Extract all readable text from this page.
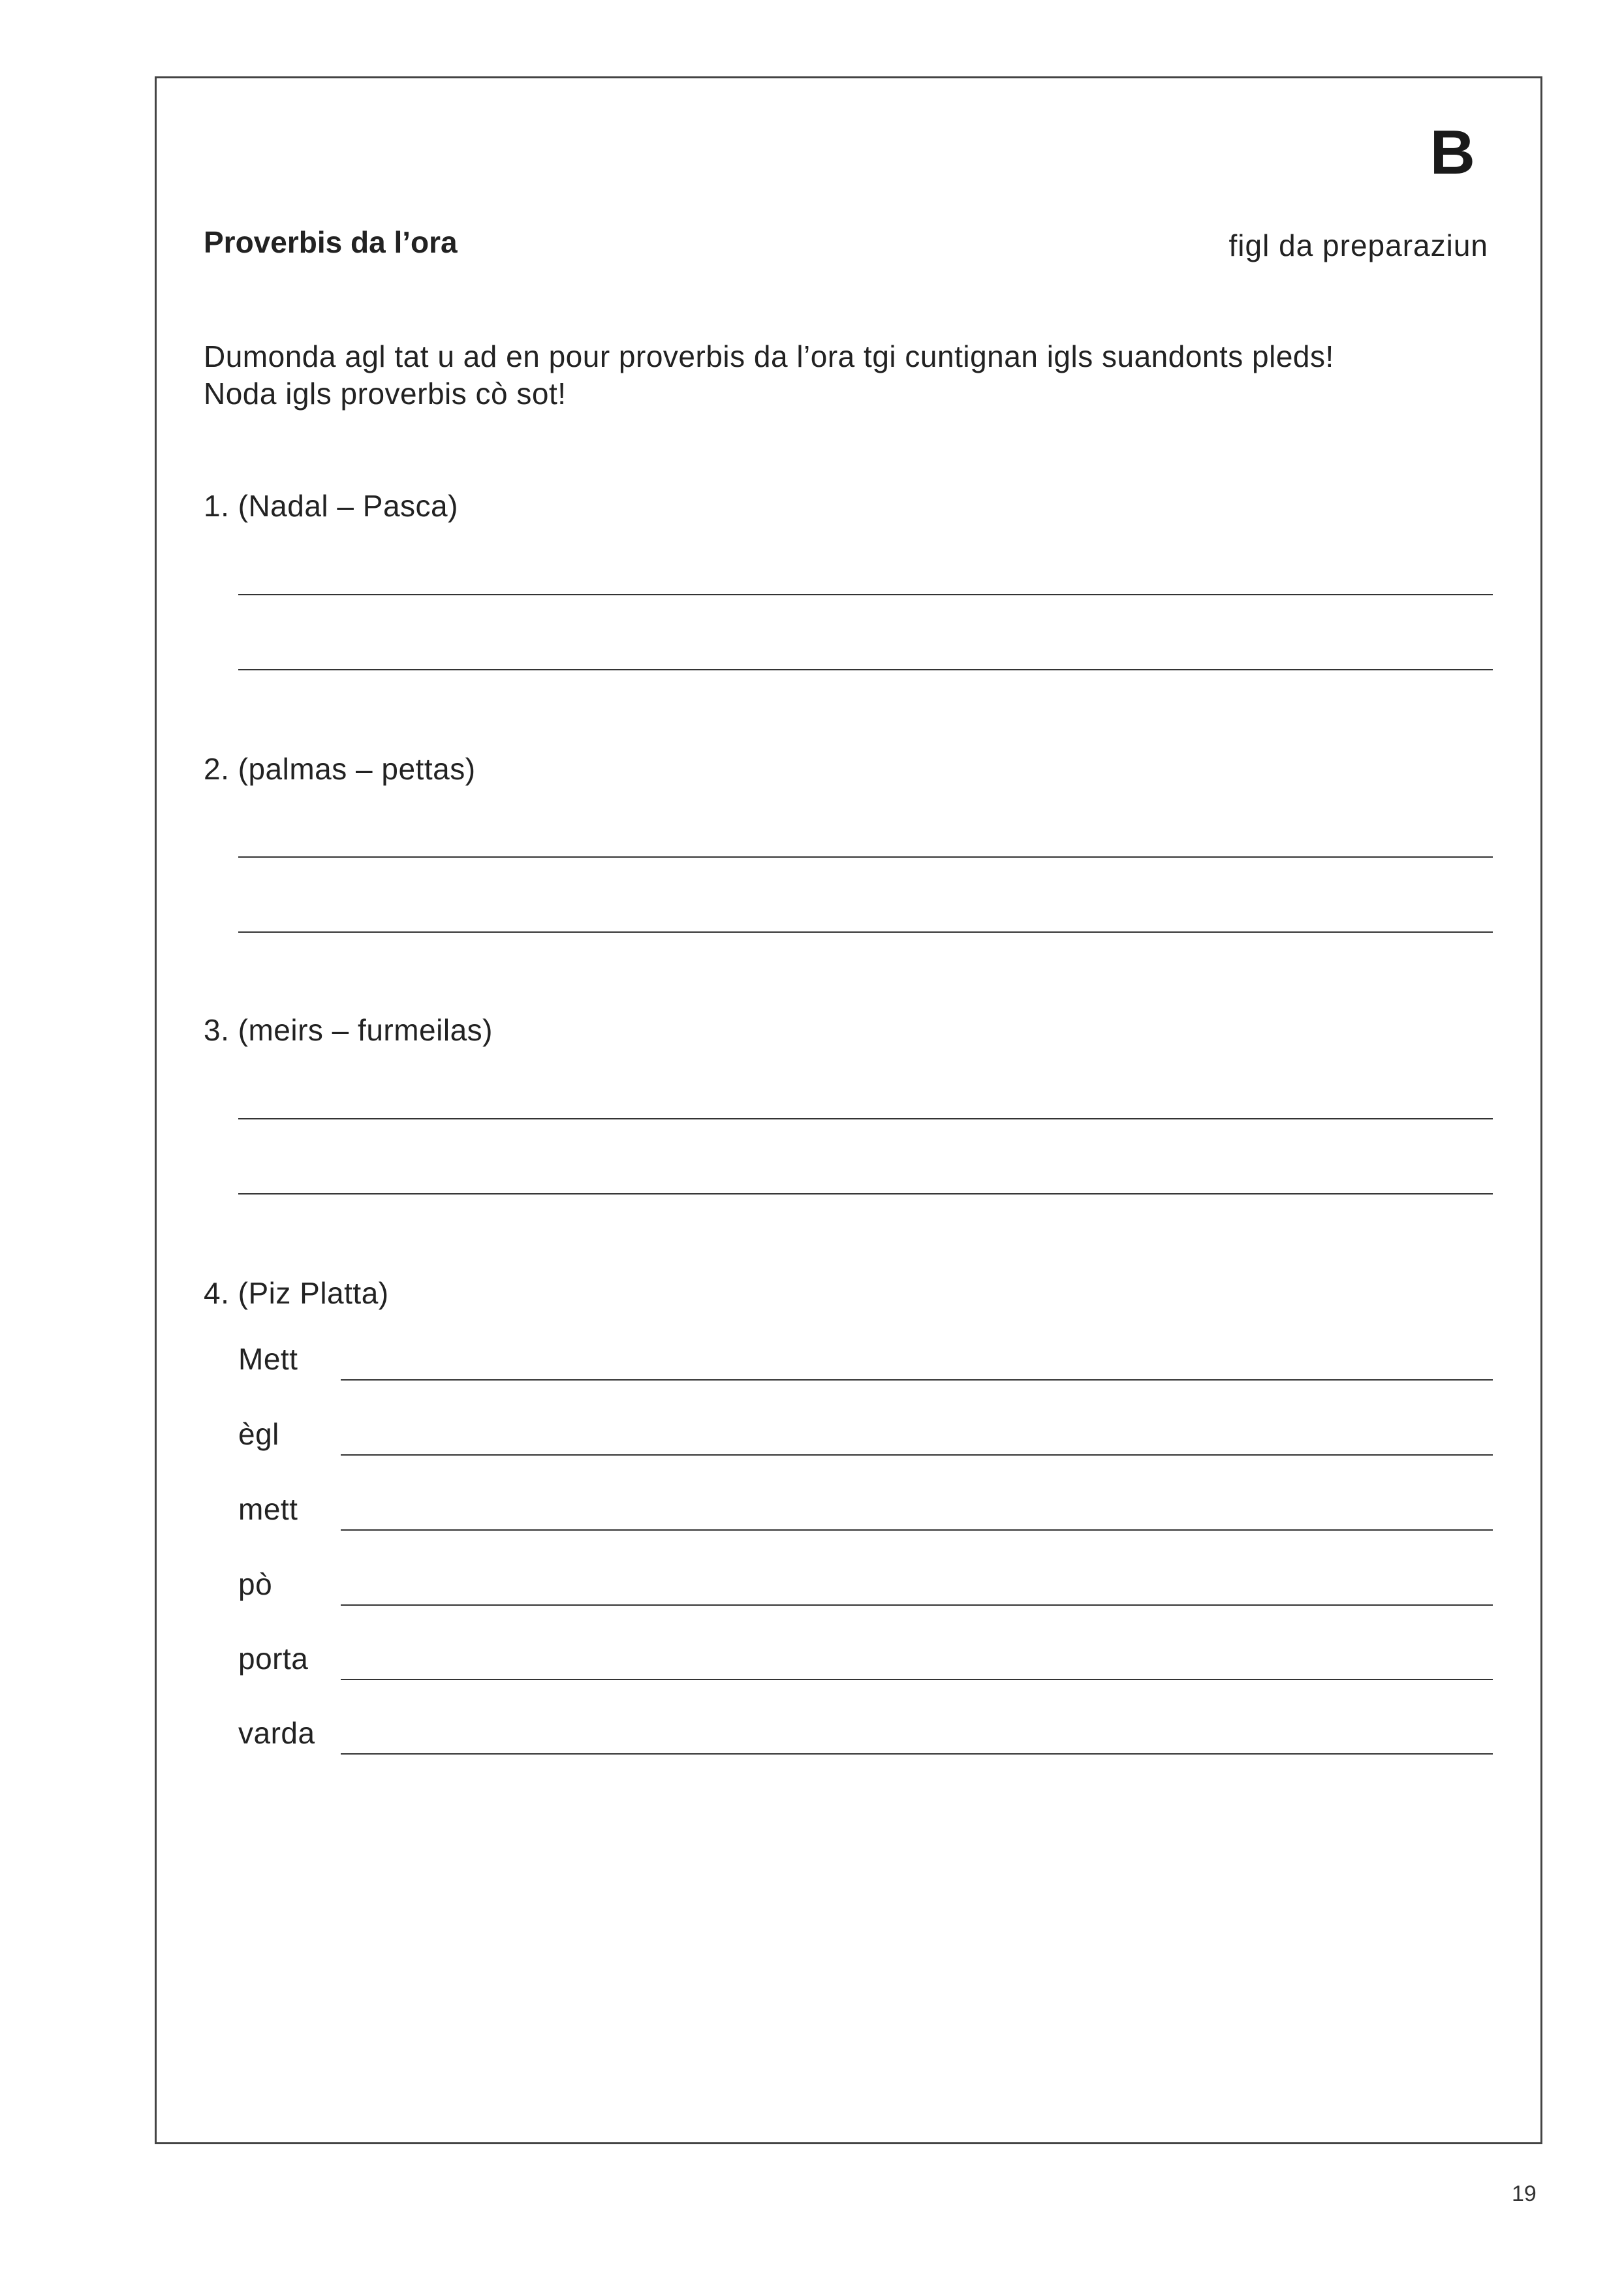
B
Proverbis da l’ora	figl da preparaziun
Dumonda agl tat u ad en pour proverbis da l’ora tgi cuntignan igls suandonts pleds!
Noda igls proverbis cò sot!
1. (Nadal – Pasca)
2. (palmas – pettas)
3. (meirs – furmeilas)
4. (Piz Platta)
Mett
ègl
mett
pò
porta
varda
19
